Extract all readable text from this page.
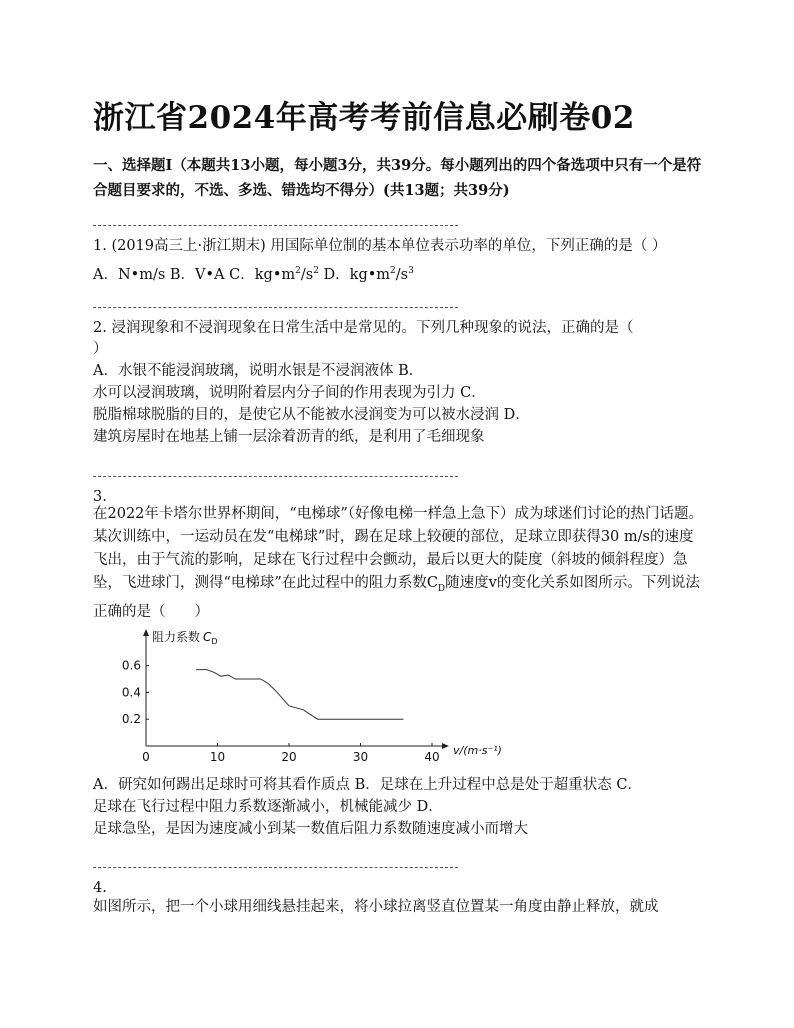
浙江省2024年高考考前信息必刷卷02
一、选择题Ⅰ（本题共13小题，每小题3分，共39分。每小题列出的四个备选项中只有一个是符合题目要求的，不选、多选、错选均不得分）(共13题；共39分)
1. (2019高三上·浙江期末) 用国际单位制的基本单位表示功率的单位，下列正确的是（ ）
A．N•m/s B．V•A C．$kg•m^2/s^2$ D．$kg•m^2/s^3$
2. 浸润现象和不浸润现象在日常生活中是常见的。下列几种现象的说法，正确的是（
）
A．水银不能浸润玻璃，说明水银是不浸润液体 B．
水可以浸润玻璃，说明附着层内分子间的作用表现为引力 C．
脱脂棉球脱脂的目的，是使它从不能被水浸润变为可以被水浸润 D．
建筑房屋时在地基上铺一层涂着沥青的纸，是利用了毛细现象
3.
在2022年卡塔尔世界杯期间，“电梯球”（好像电梯一样急上急下）成为球迷们讨论的热门话题。某次训练中，一运动员在发“电梯球”时，踢在足球上较硬的部位，足球立即获得30 m/s的速度飞出，由于气流的影响，足球在飞行过程中会颤动，最后以更大的陡度（斜坡的倾斜程度）急坠，飞进球门，测得“电梯球”在此过程中的阻力系数$C_D$随速度v的变化关系如图所示。下列说法正确的是（　　）
阻力系数 $C_D$
v/(m·s⁻¹)
0	10	20	30	40
0.2
0.4
0.6
A．研究如何踢出足球时可将其看作质点 B．足球在上升过程中总是处于超重状态 C．
足球在飞行过程中阻力系数逐渐减小，机械能减少 D．
足球急坠，是因为速度减小到某一数值后阻力系数随速度减小而增大
4.
如图所示，把一个小球用细线悬挂起来，将小球拉离竖直位置某一角度由静止释放，就成
